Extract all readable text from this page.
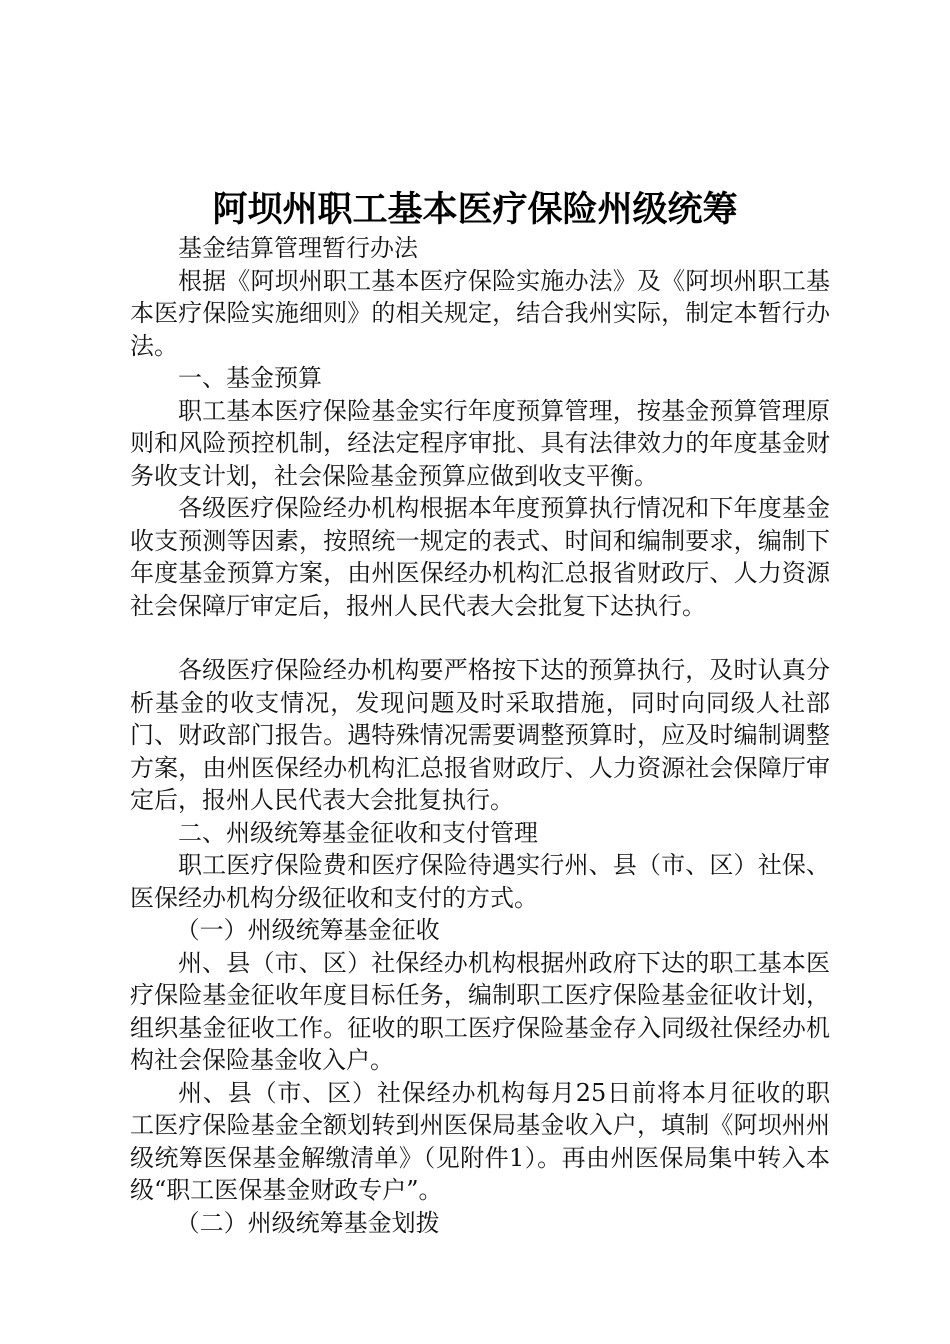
阿坝州职工基本医疗保险州级统筹

基金结算管理暂行办法

根据《阿坝州职工基本医疗保险实施办法》及《阿坝州职工基本医疗保险实施细则》的相关规定，结合我州实际，制定本暂行办法。

一、基金预算

职工基本医疗保险基金实行年度预算管理，按基金预算管理原则和风险预控机制，经法定程序审批、具有法律效力的年度基金财务收支计划，社会保险基金预算应做到收支平衡。

各级医疗保险经办机构根据本年度预算执行情况和下年度基金收支预测等因素，按照统一规定的表式、时间和编制要求，编制下年度基金预算方案，由州医保经办机构汇总报省财政厅、人力资源社会保障厅审定后，报州人民代表大会批复下达执行。

各级医疗保险经办机构要严格按下达的预算执行，及时认真分析基金的收支情况，发现问题及时采取措施，同时向同级人社部门、财政部门报告。遇特殊情况需要调整预算时，应及时编制调整方案，由州医保经办机构汇总报省财政厅、人力资源社会保障厅审定后，报州人民代表大会批复执行。

二、州级统筹基金征收和支付管理

职工医疗保险费和医疗保险待遇实行州、县（市、区）社保、医保经办机构分级征收和支付的方式。

（一）州级统筹基金征收

州、县（市、区）社保经办机构根据州政府下达的职工基本医疗保险基金征收年度目标任务，编制职工医疗保险基金征收计划，组织基金征收工作。征收的职工医疗保险基金存入同级社保经办机构社会保险基金收入户。

州、县（市、区）社保经办机构每月25日前将本月征收的职工医疗保险基金全额划转到州医保局基金收入户，填制《阿坝州州级统筹医保基金解缴清单》（见附件1）。再由州医保局集中转入本级“职工医保基金财政专户”。

（二）州级统筹基金划拨
